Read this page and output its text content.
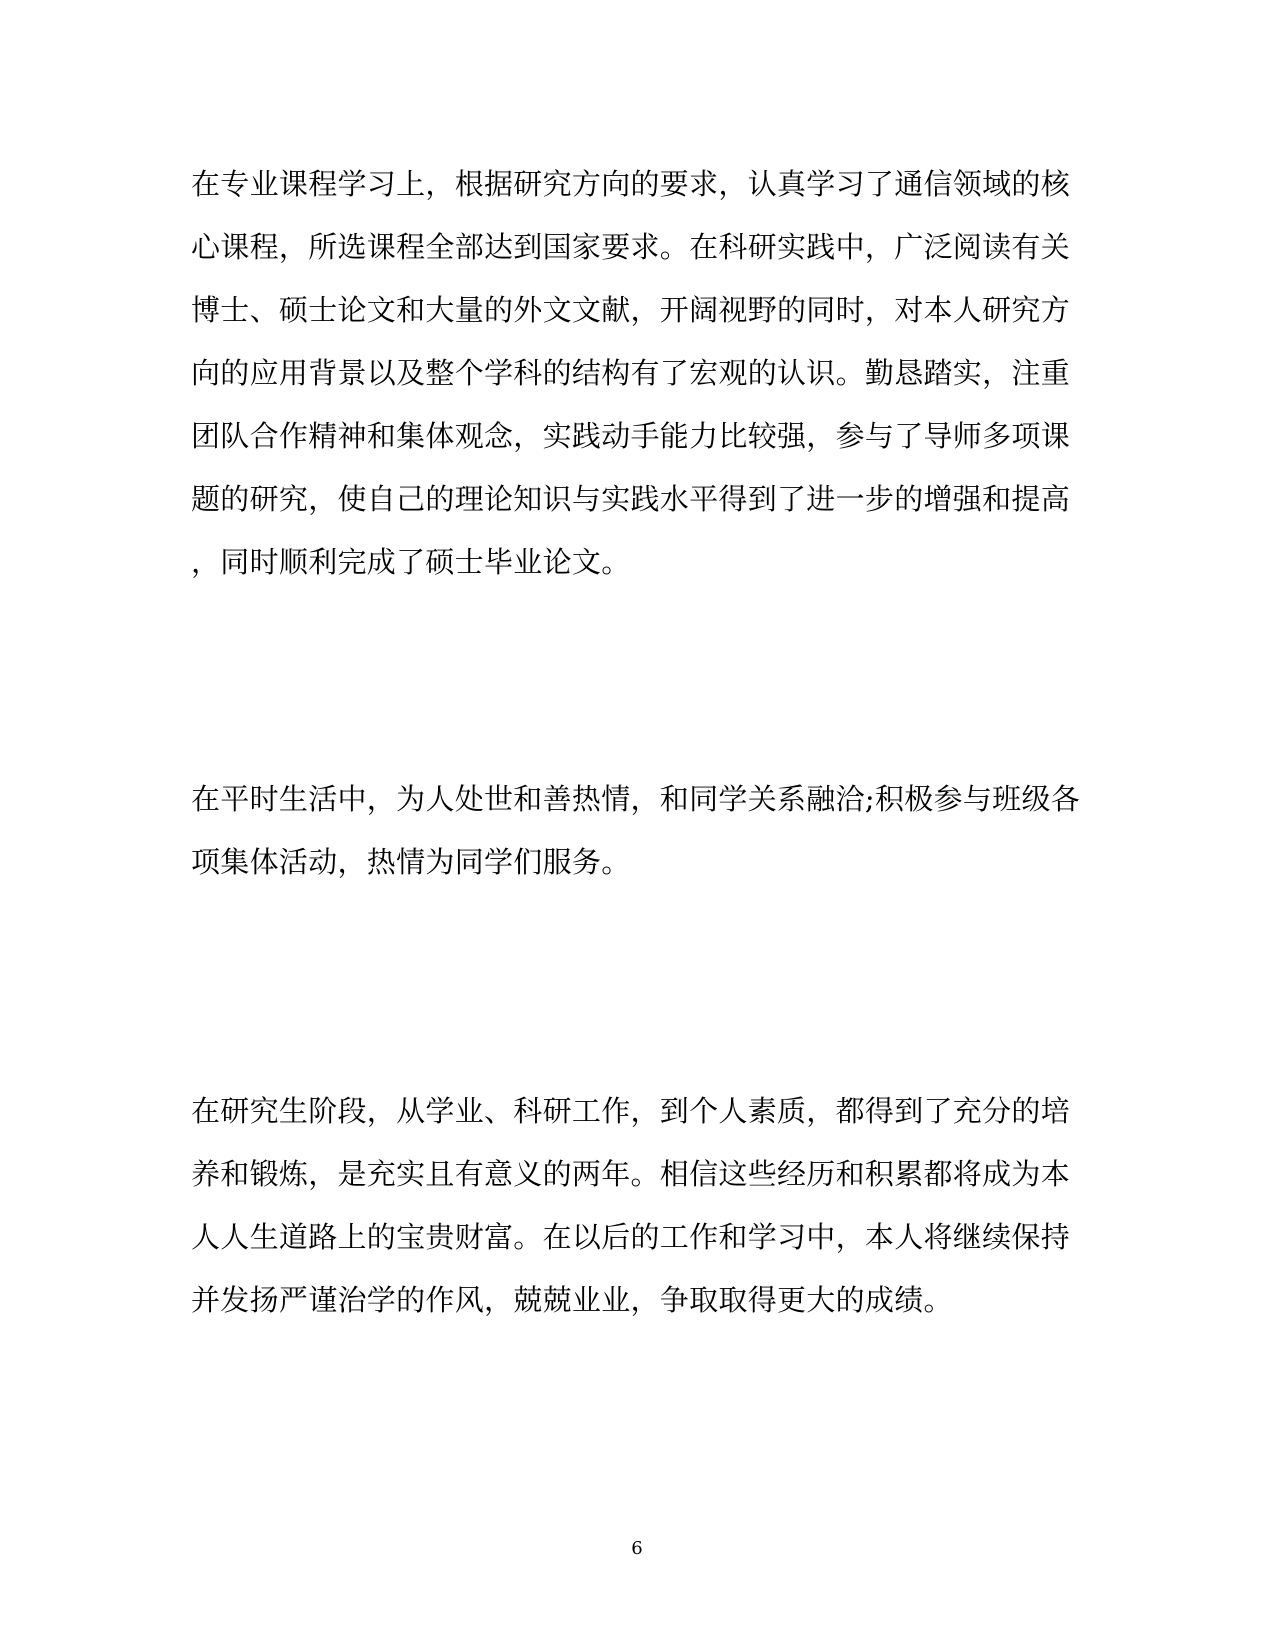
在专业课程学习上，根据研究方向的要求，认真学习了通信领域的核
心课程，所选课程全部达到国家要求。在科研实践中，广泛阅读有关
博士、硕士论文和大量的外文文献，开阔视野的同时，对本人研究方
向的应用背景以及整个学科的结构有了宏观的认识。勤恳踏实，注重
团队合作精神和集体观念，实践动手能力比较强，参与了导师多项课
题的研究，使自己的理论知识与实践水平得到了进一步的增强和提高
，同时顺利完成了硕士毕业论文。
在平时生活中，为人处世和善热情，和同学关系融洽;积极参与班级各
项集体活动，热情为同学们服务。
在研究生阶段，从学业、科研工作，到个人素质，都得到了充分的培
养和锻炼，是充实且有意义的两年。相信这些经历和积累都将成为本
人人生道路上的宝贵财富。在以后的工作和学习中，本人将继续保持
并发扬严谨治学的作风，兢兢业业，争取取得更大的成绩。
6
